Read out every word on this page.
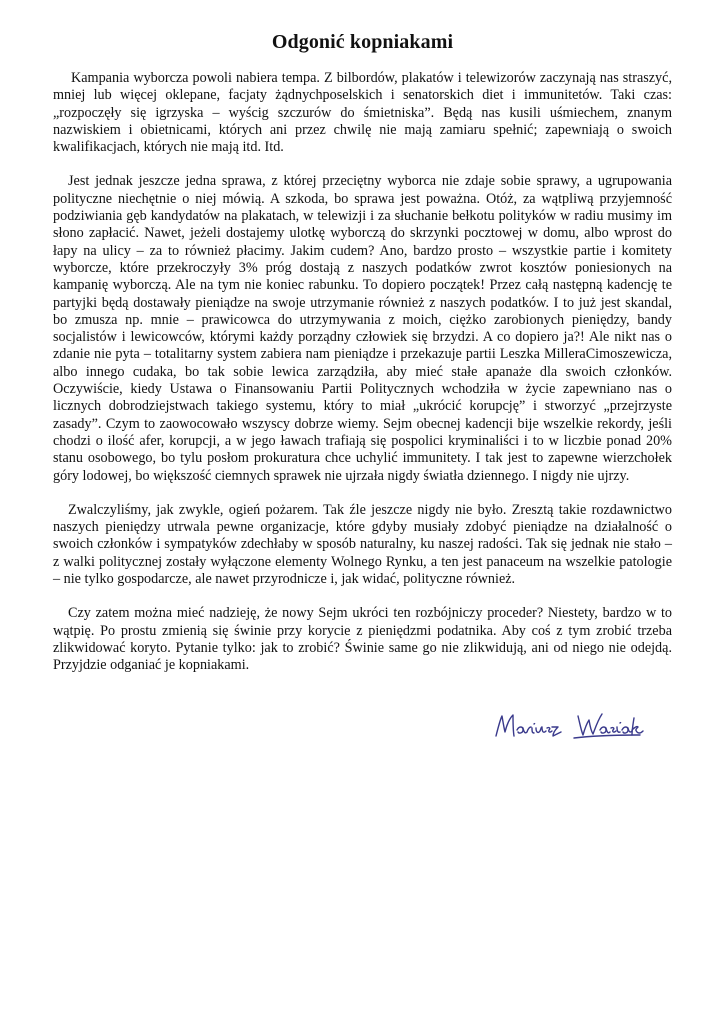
Odgonić kopniakami

Kampania wyborcza powoli nabiera tempa. Z bilbordów, plakatów i telewizorów zaczynają nas straszyć, mniej lub więcej oklepane, facjaty żądnychposelskich i senatorskich diet i immunitetów. Taki czas: „rozpoczęły się igrzyska – wyścig szczurów do śmietniska”. Będą nas kusili uśmiechem, znanym nazwiskiem i obietnicami, których ani przez chwilę nie mają zamiaru spełnić; zapewniają o swoich kwalifikacjach, których nie mają itd. Itd.

Jest jednak jeszcze jedna sprawa, z której przeciętny wyborca nie zdaje sobie sprawy, a ugrupowania polityczne niechętnie o niej mówią. A szkoda, bo sprawa jest poważna. Otóż, za wątpliwą przyjemność podziwiania gęb kandydatów na plakatach, w telewizji i za słuchanie bełkotu polityków w radiu musimy im słono zapłacić. Nawet, jeżeli dostajemy ulotkę wyborczą do skrzynki pocztowej w domu, albo wprost do łapy na ulicy – za to również płacimy. Jakim cudem? Ano, bardzo prosto – wszystkie partie i komitety wyborcze, które przekroczyły 3% próg dostają z naszych podatków zwrot kosztów poniesionych na kampanię wyborczą. Ale na tym nie koniec rabunku. To dopiero początek! Przez całą następną kadencję te partyjki będą dostawały pieniądze na swoje utrzymanie również z naszych podatków. I to już jest skandal, bo zmusza np. mnie – prawicowca do utrzymywania z moich, ciężko zarobionych pieniędzy, bandy socjalistów i lewicowców, którymi każdy porządny człowiek się brzydzi. A co dopiero ja?! Ale nikt nas o zdanie nie pyta – totalitarny system zabiera nam pieniądze i przekazuje partii Leszka MilleraCimoszewicza, albo innego cudaka, bo tak sobie lewica zarządziła, aby mieć stałe apanaże dla swoich członków. Oczywiście, kiedy Ustawa o Finansowaniu Partii Politycznych wchodziła w życie zapewniano nas o licznych dobrodziejstwach takiego systemu, który to miał „ukrócić korupcję” i stworzyć „przejrzyste zasady”. Czym to zaowocowało wszyscy dobrze wiemy. Sejm obecnej kadencji bije wszelkie rekordy, jeśli chodzi o ilość afer, korupcji, a w jego ławach trafiają się pospolici kryminaliści i to w liczbie ponad 20% stanu osobowego, bo tylu posłom prokuratura chce uchylić immunitety. I tak jest to zapewne wierzchołek góry lodowej, bo większość ciemnych sprawek nie ujrzała nigdy światła dziennego. I nigdy nie ujrzy.

Zwalczyliśmy, jak zwykle, ogień pożarem. Tak źle jeszcze nigdy nie było. Zresztą takie rozdawnictwo naszych pieniędzy utrwala pewne organizacje, które gdyby musiały zdobyć pieniądze na działalność o swoich członków i sympatyków zdechłaby w sposób naturalny, ku naszej radości. Tak się jednak nie stało – z walki politycznej zostały wyłączone elementy Wolnego Rynku, a ten jest panaceum na wszelkie patologie – nie tylko gospodarcze, ale nawet przyrodnicze i, jak widać, polityczne również.

Czy zatem można mieć nadzieję, że nowy Sejm ukróci ten rozbójniczy proceder? Niestety, bardzo w to wątpię. Po prostu zmienią się świnie przy korycie z pieniędzmi podatnika. Aby coś z tym zrobić trzeba zlikwidować koryto. Pytanie tylko: jak to zrobić? Świnie same go nie zlikwidują, ani od niego nie odejdą. Przyjdzie odganiać je kopniakami.
